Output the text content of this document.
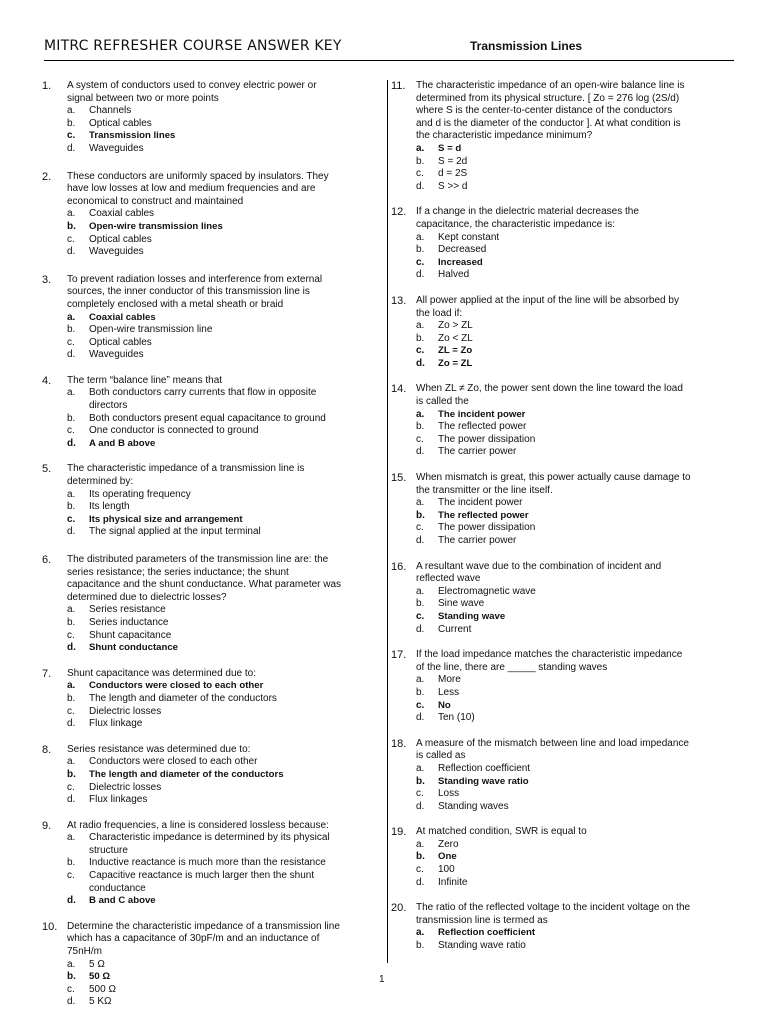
MITRC REFRESHER COURSE ANSWER KEY	Transmission Lines
1. A system of conductors used to convey electric power or signal between two or more points
a. Channels
b. Optical cables
c. Transmission lines
d. Waveguides
2. These conductors are uniformly spaced by insulators. They have low losses at low and medium frequencies and are economical to construct and maintained
a. Coaxial cables
b. Open-wire transmission lines
c. Optical cables
d. Waveguides
3. To prevent radiation losses and interference from external sources, the inner conductor of this transmission line is completely enclosed with a metal sheath or braid
a. Coaxial cables
b. Open-wire transmission line
c. Optical cables
d. Waveguides
4. The term “balance line” means that
a. Both conductors carry currents that flow in opposite directors
b. Both conductors present equal capacitance to ground
c. One conductor is connected to ground
d. A and B above
5. The characteristic impedance of a transmission line is determined by:
a. Its operating frequency
b. Its length
c. Its physical size and arrangement
d. The signal applied at the input terminal
6. The distributed parameters of the transmission line are: the series resistance; the series inductance; the shunt capacitance and the shunt conductance. What parameter was determined due to dielectric losses?
a. Series resistance
b. Series inductance
c. Shunt capacitance
d. Shunt conductance
7. Shunt capacitance was determined due to:
a. Conductors were closed to each other
b. The length and diameter of the conductors
c. Dielectric losses
d. Flux linkage
8. Series resistance was determined due to:
a. Conductors were closed to each other
b. The length and diameter of the conductors
c. Dielectric losses
d. Flux linkages
9. At radio frequencies, a line is considered lossless because:
a. Characteristic impedance is determined by its physical structure
b. Inductive reactance is much more than the resistance
c. Capacitive reactance is much larger then the shunt conductance
d. B and C above
10. Determine the characteristic impedance of a transmission line which has a capacitance of 30pF/m and an inductance of 75nH/m
a. 5 Ω
b. 50 Ω
c. 500 Ω
d. 5 KΩ
11. The characteristic impedance of an open-wire balance line is determined from its physical structure. [ Zo = 276 log (2S/d) where S is the center-to-center distance of the conductors and d is the diameter of the conductor ]. At what condition is the characteristic impedance minimum?
a. S = d
b. S = 2d
c. d = 2S
d. S >> d
12. If a change in the dielectric material decreases the capacitance, the characteristic impedance is:
a. Kept constant
b. Decreased
c. Increased
d. Halved
13. All power applied at the input of the line will be absorbed by the load if:
a. Zo > ZL
b. Zo < ZL
c. ZL = Zo
d. Zo = ZL
14. When ZL ≠ Zo, the power sent down the line toward the load is called the
a. The incident power
b. The reflected power
c. The power dissipation
d. The carrier power
15. When mismatch is great, this power actually cause damage to the transmitter or the line itself.
a. The incident power
b. The reflected power
c. The power dissipation
d. The carrier power
16. A resultant wave due to the combination of incident and reflected wave
a. Electromagnetic wave
b. Sine wave
c. Standing wave
d. Current
17. If the load impedance matches the characteristic impedance of the line, there are _____ standing waves
a. More
b. Less
c. No
d. Ten (10)
18. A measure of the mismatch between line and load impedance is called as
a. Reflection coefficient
b. Standing wave ratio
c. Loss
d. Standing waves
19. At matched condition, SWR is equal to
a. Zero
b. One
c. 100
d. Infinite
20. The ratio of the reflected voltage to the incident voltage on the transmission line is termed as
a. Reflection coefficient
b. Standing wave ratio
1
